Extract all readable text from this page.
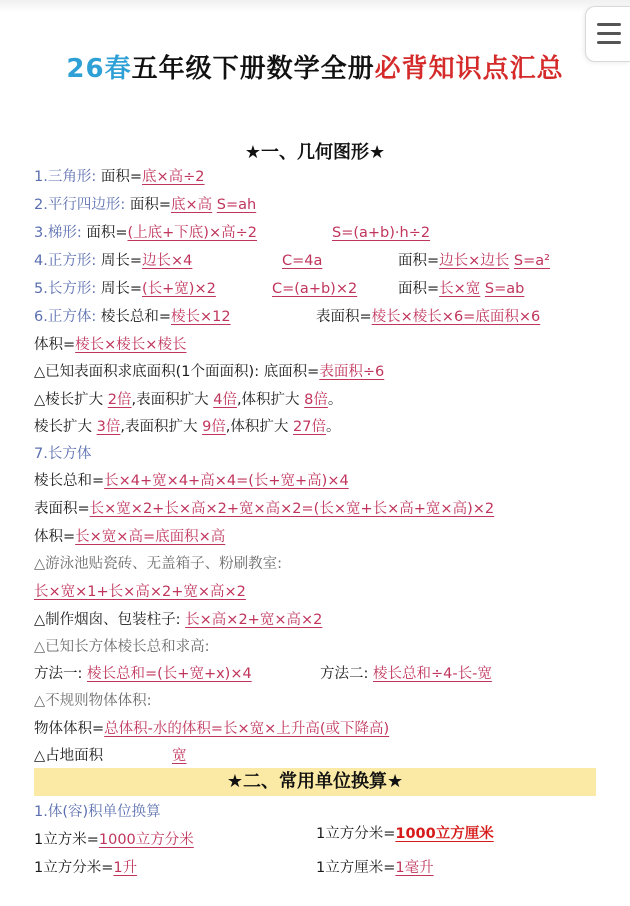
26春五年级下册数学全册必背知识点汇总
★一、几何图形★
1.三角形: 面积=底×高÷2
2.平行四边形: 面积=底×高 S=ah
3.梯形: 面积=(上底+下底)×高÷2	S=(a+b)·h÷2
4.正方形: 周长=边长×4	C=4a	面积=边长×边长 S=a²
5.长方形: 周长=(长+宽)×2	C=(a+b)×2	面积=长×宽 S=ab
6.正方体: 棱长总和=棱长×12	表面积=棱长×棱长×6=底面积×6
体积=棱长×棱长×棱长
△已知表面积求底面积(1个面面积): 底面积=表面积÷6
△棱长扩大 2倍,表面积扩大 4倍,体积扩大 8倍。
棱长扩大 3倍,表面积扩大 9倍,体积扩大 27倍。
7.长方体
棱长总和=长×4+宽×4+高×4=(长+宽+高)×4
表面积=长×宽×2+长×高×2+宽×高×2=(长×宽+长×高+宽×高)×2
体积=长×宽×高=底面积×高
△游泳池贴瓷砖、无盖箱子、粉刷教室:
长×宽×1+长×高×2+宽×高×2
△制作烟囱、包装柱子: 长×高×2+宽×高×2
△已知长方体棱长总和求高:
方法一: 棱长总和=(长+宽+x)×4	方法二: 棱长总和÷4-长-宽
△不规则物体体积:
物体体积=总体积-水的体积=长×宽×上升高(或下降高)
△占地面积	宽
★二、常用单位换算★
1.体(容)积单位换算
1立方米=1000立方分米	1立方分米=1000立方厘米
1立方分米=1升	1立方厘米=1毫升
